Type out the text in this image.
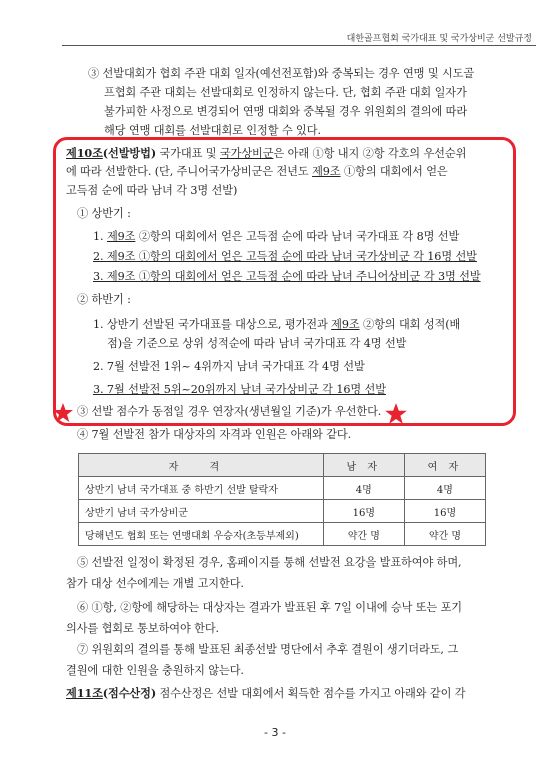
대한골프협회 국가대표 및 국가상비군 선발규정
③ 선발대회가 협회 주관 대회 일자(예선전포함)와 중복되는 경우 연맹 및 시도골
프협회 주관 대회는 선발대회로 인정하지 않는다. 단, 협회 주관 대회 일자가
불가피한 사정으로 변경되어 연맹 대회와 중복될 경우 위원회의 결의에 따라
해당 연맹 대회를 선발대회로 인정할 수 있다.
제10조(선발방법) 국가대표 및 국가상비군은 아래 ①항 내지 ②항 각호의 우선순위
에 따라 선발한다. (단, 주니어국가상비군은 전년도 제9조 ①항의 대회에서 얻은
고득점 순에 따라 남녀 각 3명 선발)
① 상반기 :
1. 제9조 ②항의 대회에서 얻은 고득점 순에 따라 남녀 국가대표 각 8명 선발
2. 제9조 ①항의 대회에서 얻은 고득점 순에 따라 남녀 국가상비군 각 16명 선발
3. 제9조 ①항의 대회에서 얻은 고득점 순에 따라 남녀 주니어상비군 각 3명 선발
② 하반기 :
1. 상반기 선발된 국가대표를 대상으로, 평가전과 제9조 ②항의 대회 성적(배
점)을 기준으로 상위 성적순에 따라 남녀 국가대표 각 4명 선발
2. 7월 선발전 1위~ 4위까지 남녀 국가대표 각 4명 선발
3. 7월 선발전 5위~20위까지 남녀 국가상비군 각 16명 선발
③ 선발 점수가 동점일 경우 연장자(생년월일 기준)가 우선한다.
④ 7월 선발전 참가 대상자의 자격과 인원은 아래와 같다.
자 격	남 자	여 자
상반기 남녀 국가대표 중 하반기 선발 탈락자	4명	4명
상반기 남녀 국가상비군	16명	16명
당해년도 협회 또는 연맹대회 우승자(초등부제외)	약간 명	약간 명
⑤ 선발전 일정이 확정된 경우, 홈페이지를 통해 선발전 요강을 발표하여야 하며,
참가 대상 선수에게는 개별 고지한다.
⑥ ①항, ②항에 해당하는 대상자는 결과가 발표된 후 7일 이내에 승낙 또는 포기
의사를 협회로 통보하여야 한다.
⑦ 위원회의 결의를 통해 발표된 최종선발 명단에서 추후 결원이 생기더라도, 그
결원에 대한 인원을 충원하지 않는다.
제11조(점수산정) 점수산정은 선발 대회에서 획득한 점수를 가지고 아래와 같이 각
- 3 -
